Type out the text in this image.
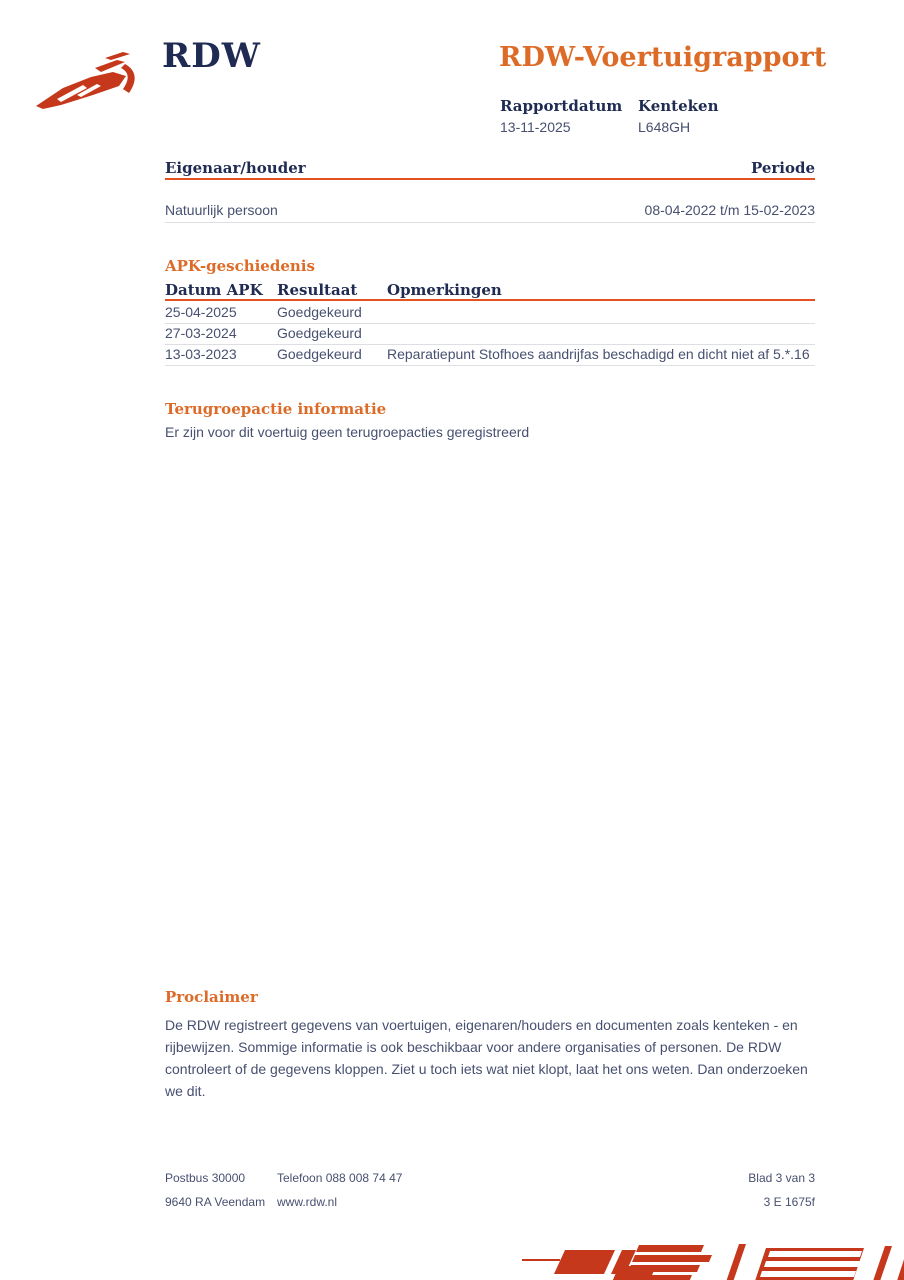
RDW	RDW-Voertuigrapport
Rapportdatum Kenteken
13-11-2025	L648GH
Eigenaar/houder	Periode
Natuurlijk persoon	08-04-2022 t/m 15-02-2023
APK-geschiedenis
Datum APK Resultaat Opmerkingen
25-04-2025	Goedgekeurd
27-03-2024	Goedgekeurd
13-03-2023	Goedgekeurd Reparatiepunt Stofhoes aandrijfas beschadigd en dicht niet af 5.*.16
Terugroepactie informatie
Er zijn voor dit voertuig geen terugroepacties geregistreerd
Proclaimer
De RDW registreert gegevens van voertuigen, eigenaren/houders en documenten zoals kenteken - en rijbewijzen. Sommige informatie is ook beschikbaar voor andere organisaties of personen. De RDW controleert of de gegevens kloppen. Ziet u toch iets wat niet klopt, laat het ons weten. Dan onderzoeken we dit.
Postbus 30000	Telefoon 088 008 74 47	Blad 3 van 3
9640 RA Veendam www.rdw.nl	3 E 1675f
